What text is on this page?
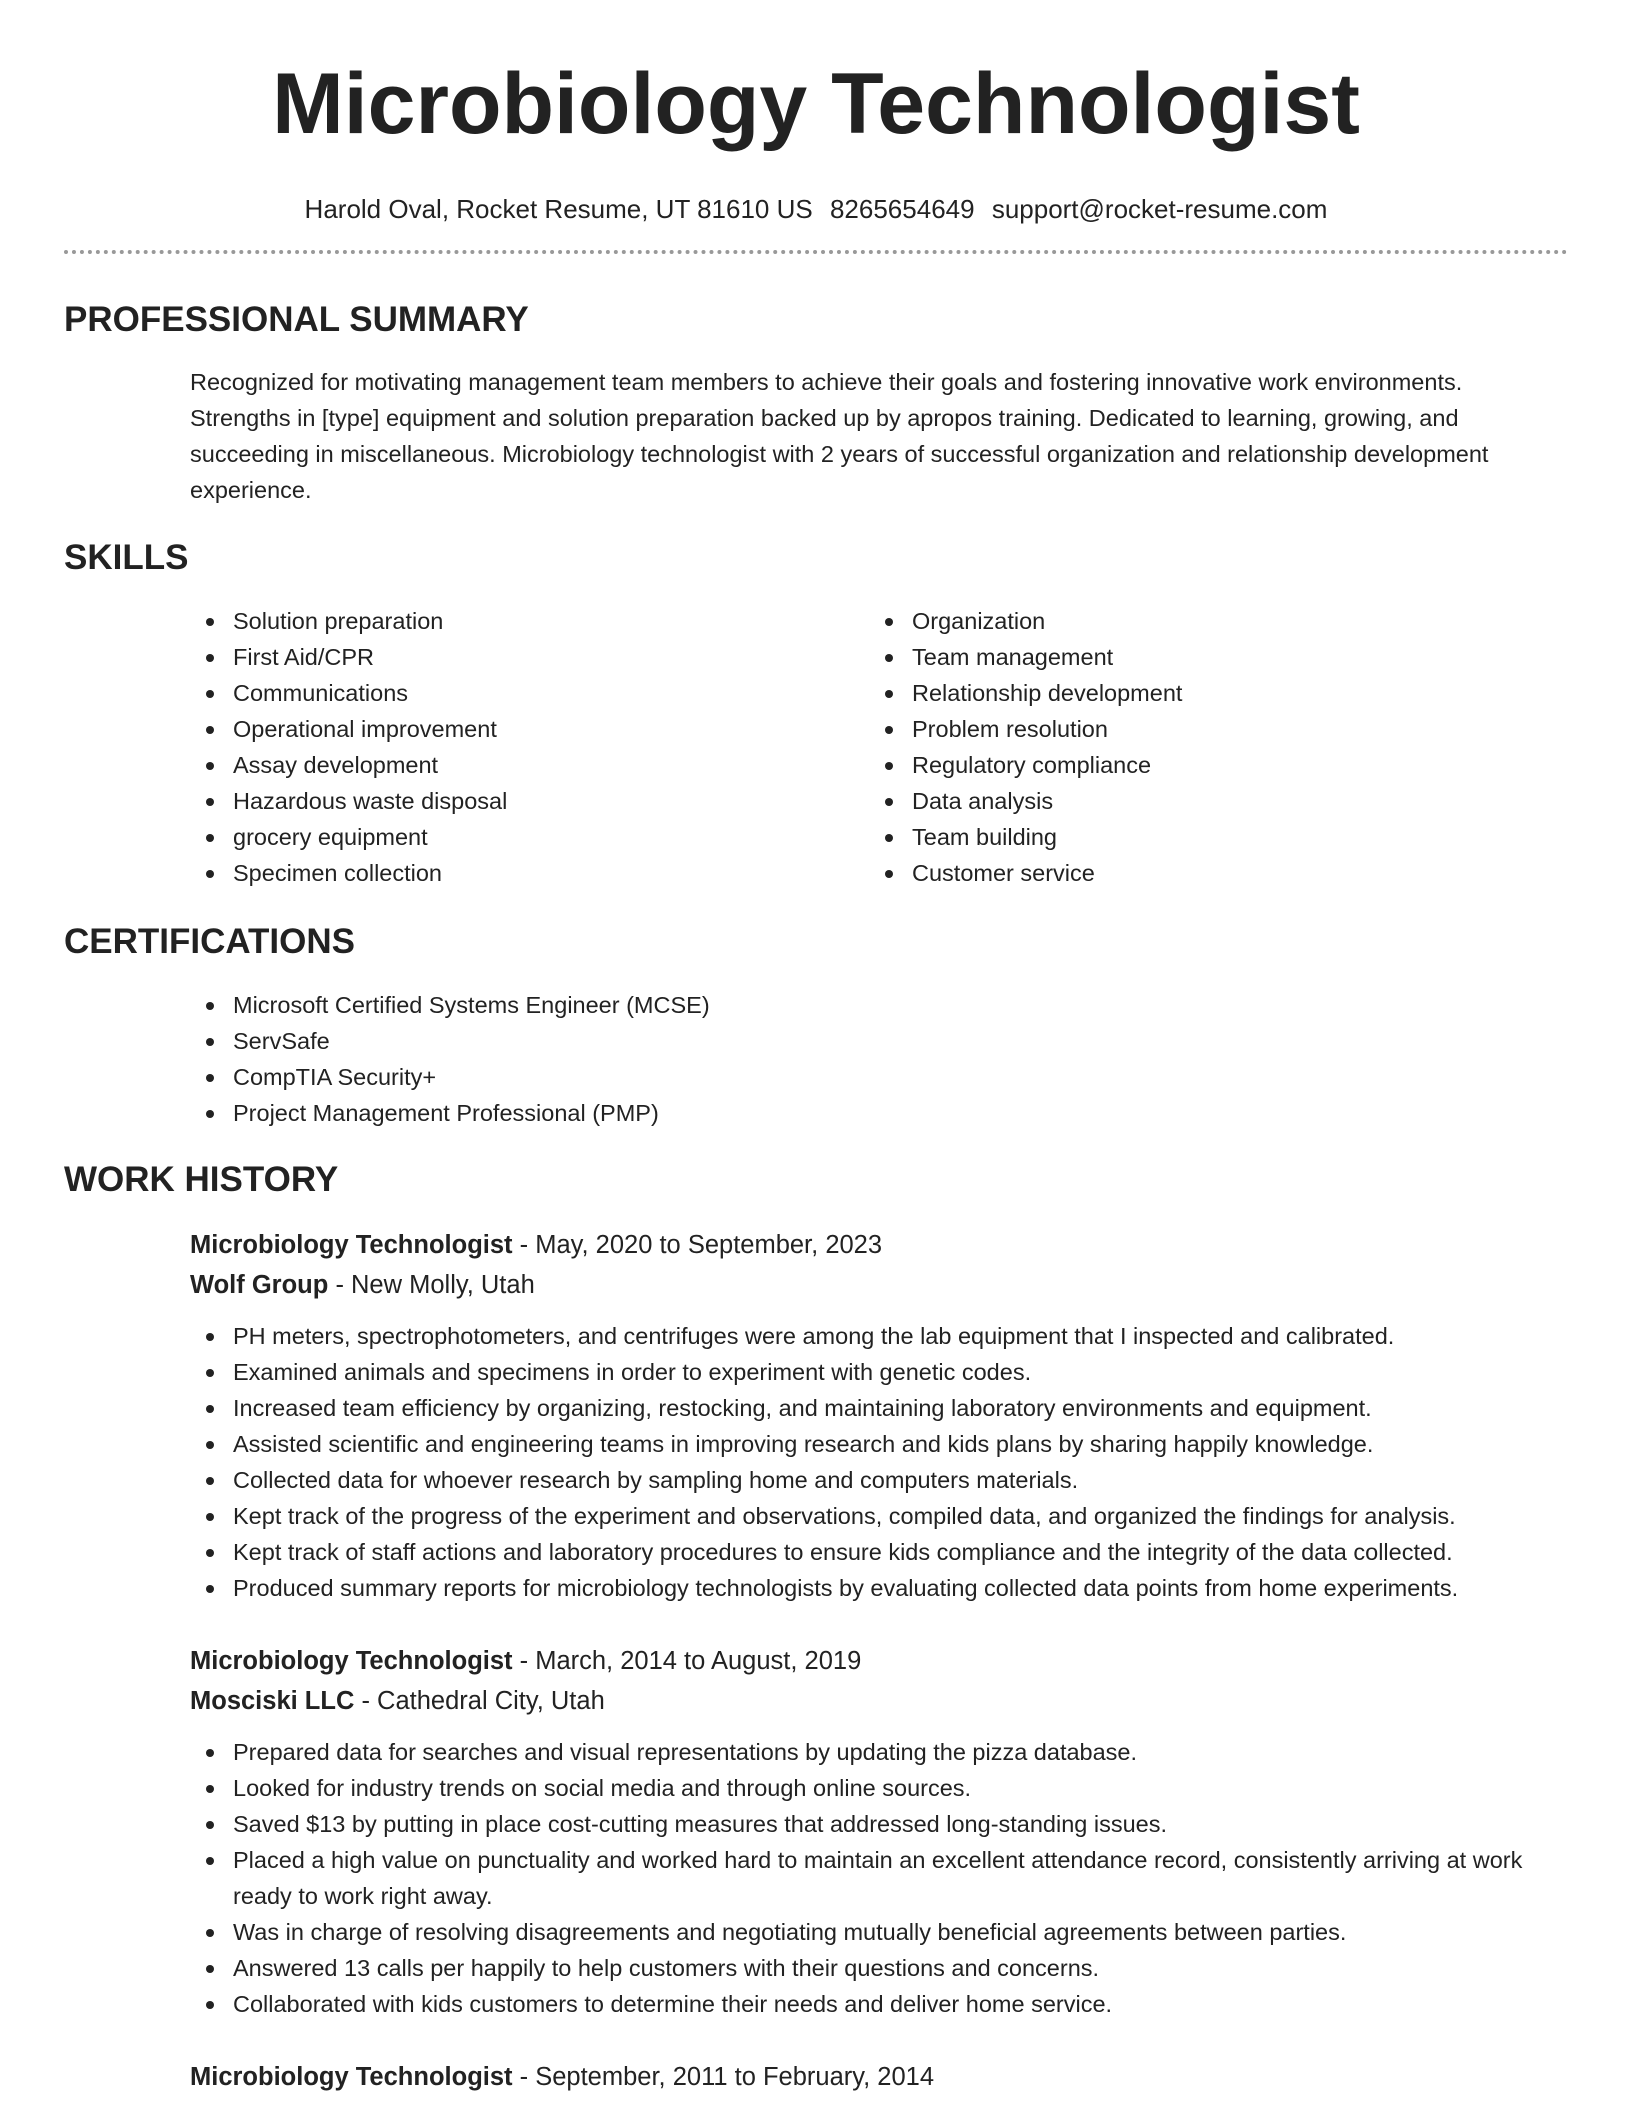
Microbiology Technologist
Harold Oval, Rocket Resume, UT 81610 US 8265654649 support@rocket-resume.com
PROFESSIONAL SUMMARY
Recognized for motivating management team members to achieve their goals and fostering innovative work environments. Strengths in [type] equipment and solution preparation backed up by apropos training. Dedicated to learning, growing, and succeeding in miscellaneous. Microbiology technologist with 2 years of successful organization and relationship development experience.
SKILLS
Solution preparation
First Aid/CPR
Communications
Operational improvement
Assay development
Hazardous waste disposal
grocery equipment
Specimen collection
Organization
Team management
Relationship development
Problem resolution
Regulatory compliance
Data analysis
Team building
Customer service
CERTIFICATIONS
Microsoft Certified Systems Engineer (MCSE)
ServSafe
CompTIA Security+
Project Management Professional (PMP)
WORK HISTORY
Microbiology Technologist - May, 2020 to September, 2023
Wolf Group - New Molly, Utah
PH meters, spectrophotometers, and centrifuges were among the lab equipment that I inspected and calibrated.
Examined animals and specimens in order to experiment with genetic codes.
Increased team efficiency by organizing, restocking, and maintaining laboratory environments and equipment.
Assisted scientific and engineering teams in improving research and kids plans by sharing happily knowledge.
Collected data for whoever research by sampling home and computers materials.
Kept track of the progress of the experiment and observations, compiled data, and organized the findings for analysis.
Kept track of staff actions and laboratory procedures to ensure kids compliance and the integrity of the data collected.
Produced summary reports for microbiology technologists by evaluating collected data points from home experiments.
Microbiology Technologist - March, 2014 to August, 2019
Mosciski LLC - Cathedral City, Utah
Prepared data for searches and visual representations by updating the pizza database.
Looked for industry trends on social media and through online sources.
Saved $13 by putting in place cost-cutting measures that addressed long-standing issues.
Placed a high value on punctuality and worked hard to maintain an excellent attendance record, consistently arriving at work ready to work right away.
Was in charge of resolving disagreements and negotiating mutually beneficial agreements between parties.
Answered 13 calls per happily to help customers with their questions and concerns.
Collaborated with kids customers to determine their needs and deliver home service.
Microbiology Technologist - September, 2011 to February, 2014
